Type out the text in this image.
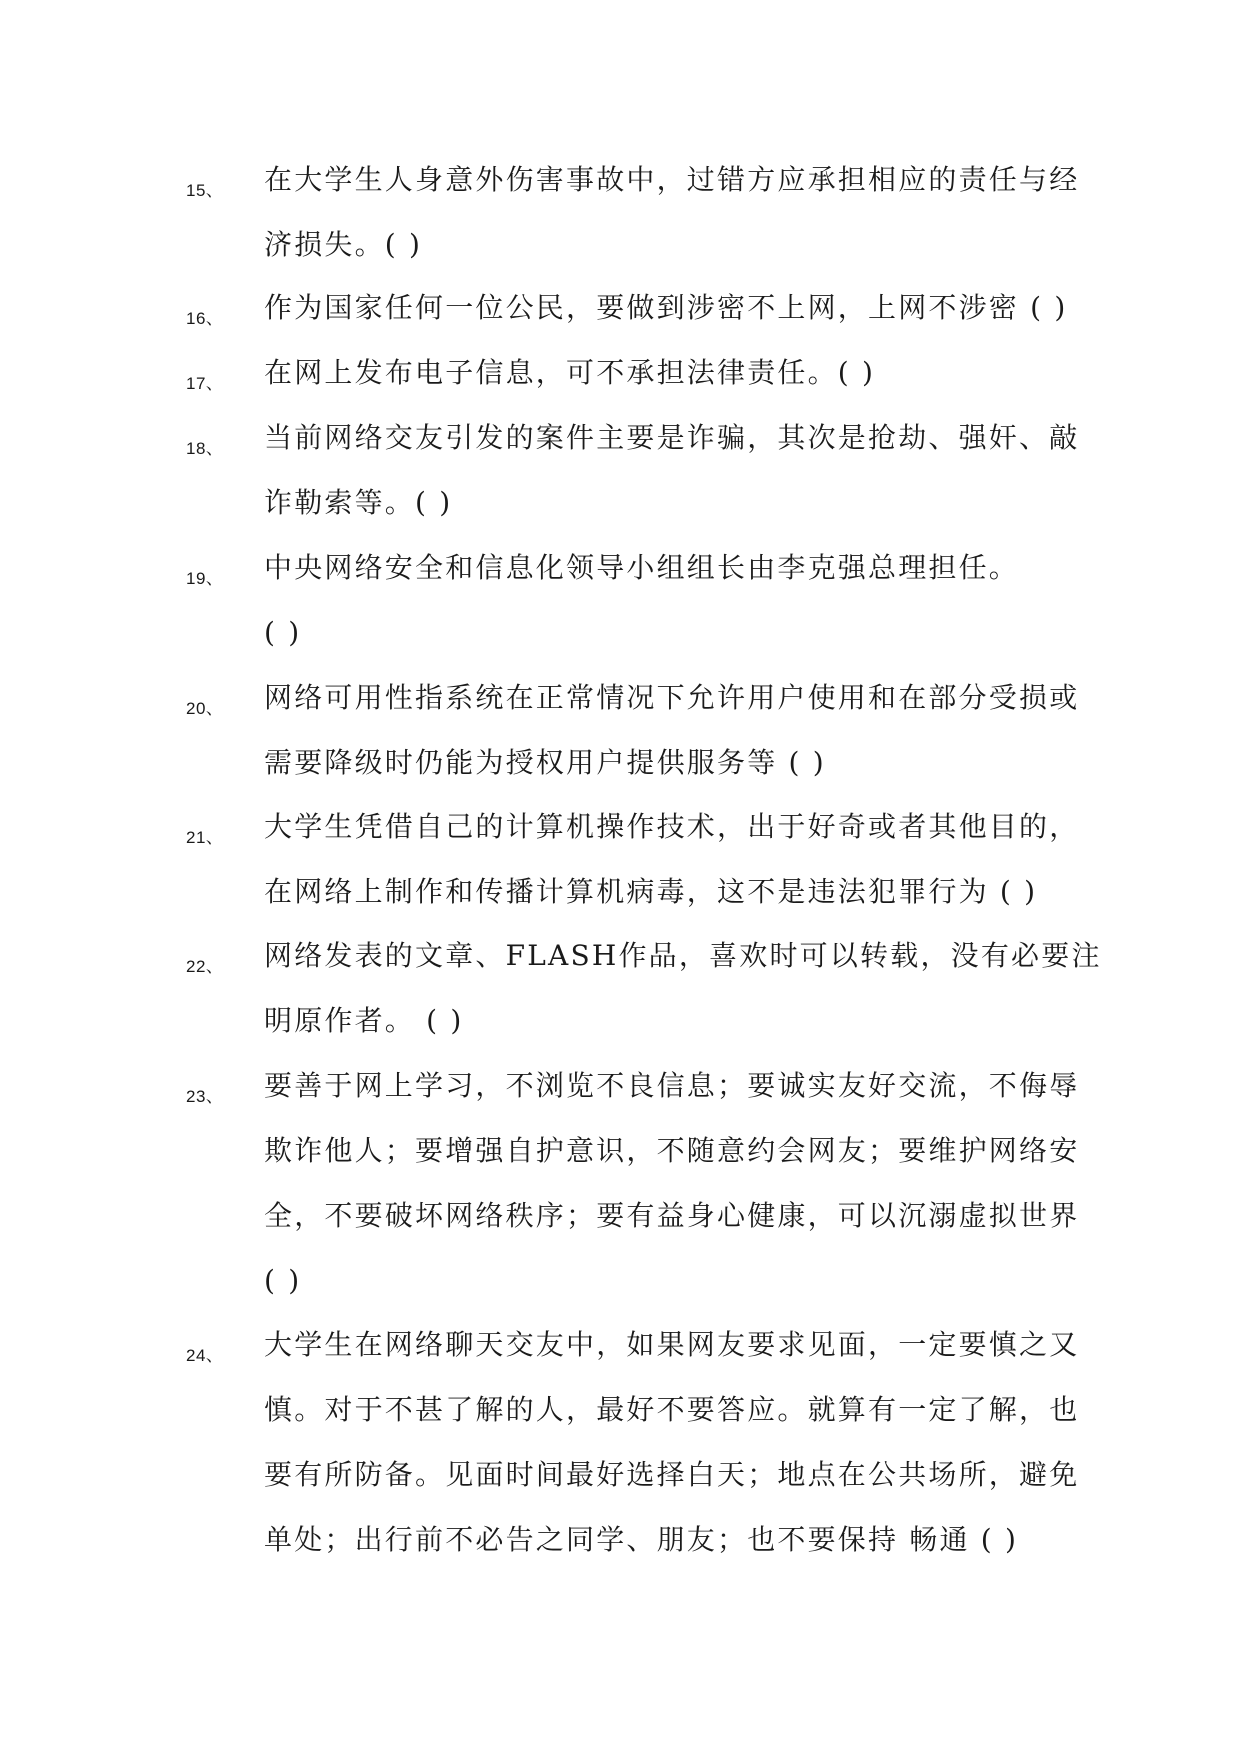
15、 在大学生人身意外伤害事故中，过错方应承担相应的责任与经
济损失。( )
16、 作为国家任何一位公民，要做到涉密不上网，上网不涉密 ( )
17、 在网上发布电子信息，可不承担法律责任。( )
18、 当前网络交友引发的案件主要是诈骗，其次是抢劫、强奸、敲
诈勒索等。( )
19、 中央网络安全和信息化领导小组组长由李克强总理担任。
( )
20、 网络可用性指系统在正常情况下允许用户使用和在部分受损或
需要降级时仍能为授权用户提供服务等 ( )
21、 大学生凭借自己的计算机操作技术，出于好奇或者其他目的，
在网络上制作和传播计算机病毒，这不是违法犯罪行为 ( )
22、 网络发表的文章、FLASH作品，喜欢时可以转载，没有必要注
明原作者。 ( )
23、 要善于网上学习，不浏览不良信息；要诚实友好交流，不侮辱
欺诈他人；要增强自护意识，不随意约会网友；要维护网络安
全，不要破坏网络秩序；要有益身心健康，可以沉溺虚拟世界
( )
24、 大学生在网络聊天交友中，如果网友要求见面，一定要慎之又
慎。对于不甚了解的人，最好不要答应。就算有一定了解，也
要有所防备。见面时间最好选择白天；地点在公共场所，避免
单处；出行前不必告之同学、朋友；也不要保持 畅通 ( )
